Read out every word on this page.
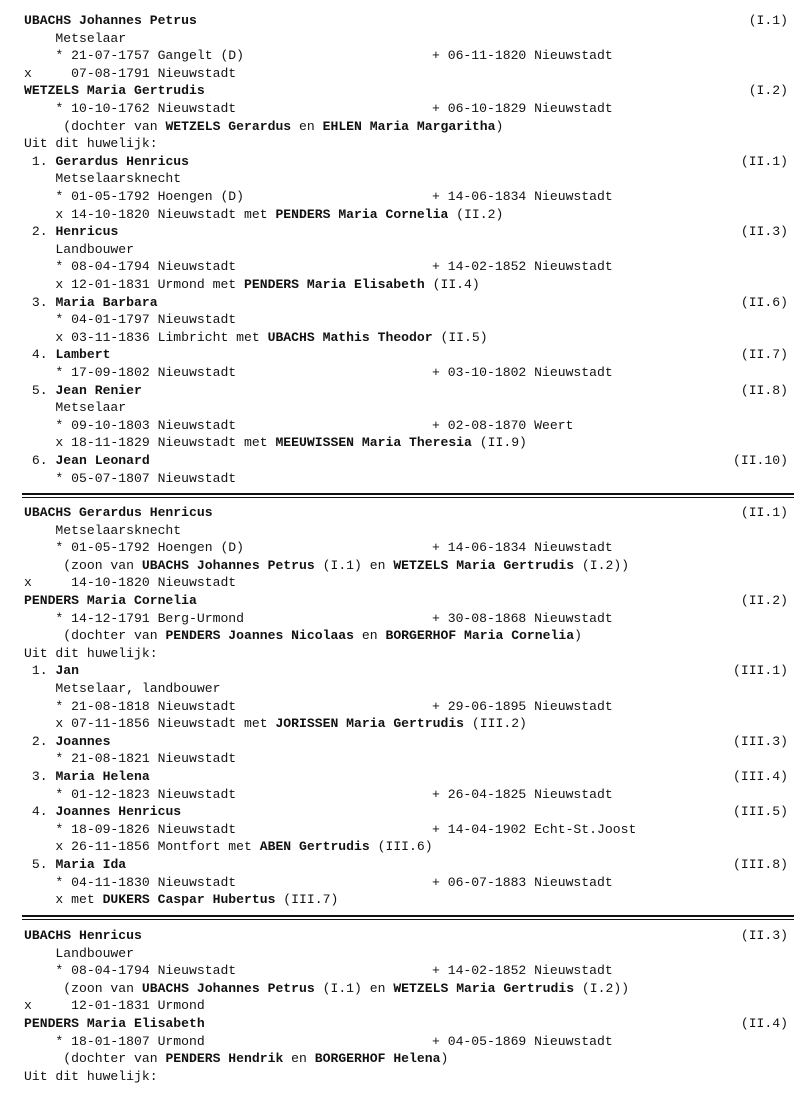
UBACHS Johannes Petrus	(I.1)
Metselaar
* 21-07-1757 Gangelt (D)	+ 06-11-1820 Nieuwstadt
x     07-08-1791 Nieuwstadt
WETZELS Maria Gertrudis	(I.2)
* 10-10-1762 Nieuwstadt	+ 06-10-1829 Nieuwstadt
(dochter van WETZELS Gerardus en EHLEN Maria Margaritha)
Uit dit huwelijk:
1. Gerardus Henricus	(II.1)
Metselaarsknecht
* 01-05-1792 Hoengen (D)	+ 14-06-1834 Nieuwstadt
x 14-10-1820 Nieuwstadt met PENDERS Maria Cornelia (II.2)
2. Henricus	(II.3)
Landbouwer
* 08-04-1794 Nieuwstadt	+ 14-02-1852 Nieuwstadt
x 12-01-1831 Urmond met PENDERS Maria Elisabeth (II.4)
3. Maria Barbara	(II.6)
* 04-01-1797 Nieuwstadt
x 03-11-1836 Limbricht met UBACHS Mathis Theodor (II.5)
4. Lambert	(II.7)
* 17-09-1802 Nieuwstadt	+ 03-10-1802 Nieuwstadt
5. Jean Renier	(II.8)
Metselaar
* 09-10-1803 Nieuwstadt	+ 02-08-1870 Weert
x 18-11-1829 Nieuwstadt met MEEUWISSEN Maria Theresia (II.9)
6. Jean Leonard	(II.10)
* 05-07-1807 Nieuwstadt
UBACHS Gerardus Henricus	(II.1)
Metselaarsknecht
* 01-05-1792 Hoengen (D)	+ 14-06-1834 Nieuwstadt
(zoon van UBACHS Johannes Petrus (I.1) en WETZELS Maria Gertrudis (I.2))
x     14-10-1820 Nieuwstadt
PENDERS Maria Cornelia	(II.2)
* 14-12-1791 Berg-Urmond	+ 30-08-1868 Nieuwstadt
(dochter van PENDERS Joannes Nicolaas en BORGERHOF Maria Cornelia)
Uit dit huwelijk:
1. Jan	(III.1)
Metselaar, landbouwer
* 21-08-1818 Nieuwstadt	+ 29-06-1895 Nieuwstadt
x 07-11-1856 Nieuwstadt met JORISSEN Maria Gertrudis (III.2)
2. Joannes	(III.3)
* 21-08-1821 Nieuwstadt
3. Maria Helena	(III.4)
* 01-12-1823 Nieuwstadt	+ 26-04-1825 Nieuwstadt
4. Joannes Henricus	(III.5)
* 18-09-1826 Nieuwstadt	+ 14-04-1902 Echt-St.Joost
x 26-11-1856 Montfort met ABEN Gertrudis (III.6)
5. Maria Ida	(III.8)
* 04-11-1830 Nieuwstadt	+ 06-07-1883 Nieuwstadt
x met DUKERS Caspar Hubertus (III.7)
UBACHS Henricus	(II.3)
Landbouwer
* 08-04-1794 Nieuwstadt	+ 14-02-1852 Nieuwstadt
(zoon van UBACHS Johannes Petrus (I.1) en WETZELS Maria Gertrudis (I.2))
x     12-01-1831 Urmond
PENDERS Maria Elisabeth	(II.4)
* 18-01-1807 Urmond	+ 04-05-1869 Nieuwstadt
(dochter van PENDERS Hendrik en BORGERHOF Helena)
Uit dit huwelijk:
